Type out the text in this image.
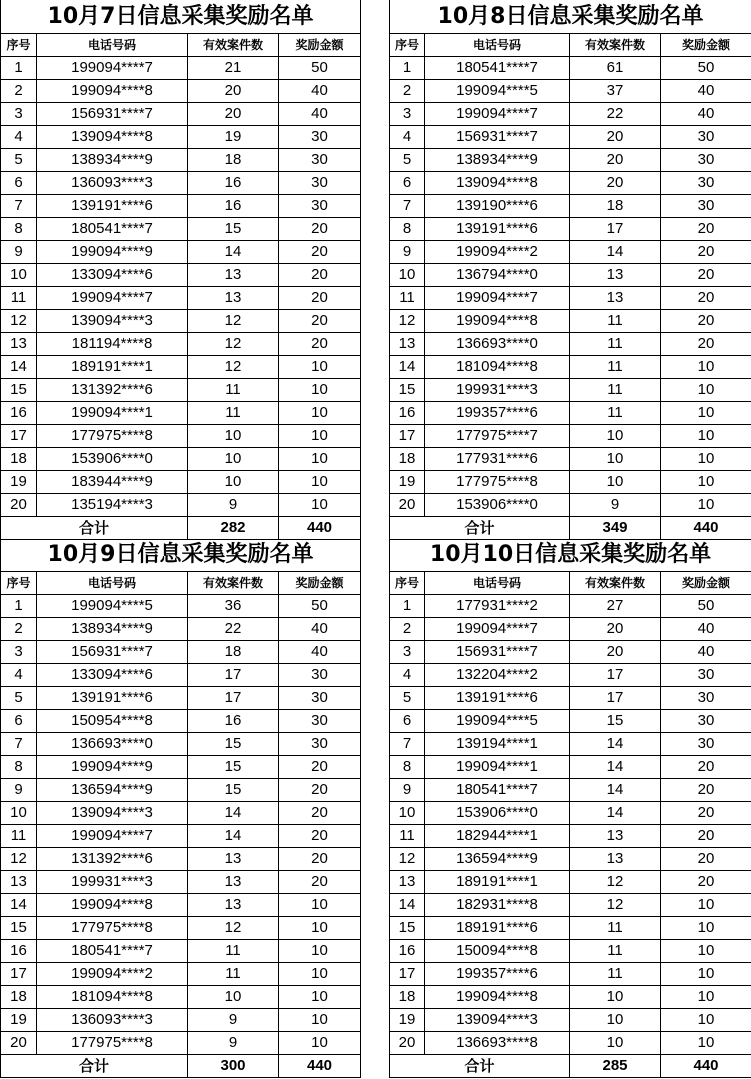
10月7日信息采集奖励名单			
序号	电话号码	有效案件数	奖励金额
1	199094****7	21	50
2	199094****8	20	40
3	156931****7	20	40
4	139094****8	19	30
5	138934****9	18	30
6	136093****3	16	30
7	139191****6	16	30
8	180541****7	15	20
9	199094****9	14	20
10	133094****6	13	20
11	199094****7	13	20
12	139094****3	12	20
13	181194****8	12	20
14	189191****1	12	10
15	131392****6	11	10
16	199094****1	11	10
17	177975****8	10	10
18	153906****0	10	10
19	183944****9	10	10
20	135194****3	9	10
合计		282	440
10月8日信息采集奖励名单			
序号	电话号码	有效案件数	奖励金额
1	180541****7	61	50
2	199094****5	37	40
3	199094****7	22	40
4	156931****7	20	30
5	138934****9	20	30
6	139094****8	20	30
7	139190****6	18	30
8	139191****6	17	20
9	199094****2	14	20
10	136794****0	13	20
11	199094****7	13	20
12	199094****8	11	20
13	136693****0	11	20
14	181094****8	11	10
15	199931****3	11	10
16	199357****6	11	10
17	177975****7	10	10
18	177931****6	10	10
19	177975****8	10	10
20	153906****0	9	10
合计		349	440
10月9日信息采集奖励名单			
序号	电话号码	有效案件数	奖励金额
1	199094****5	36	50
2	138934****9	22	40
3	156931****7	18	40
4	133094****6	17	30
5	139191****6	17	30
6	150954****8	16	30
7	136693****0	15	30
8	199094****9	15	20
9	136594****9	15	20
10	139094****3	14	20
11	199094****7	14	20
12	131392****6	13	20
13	199931****3	13	20
14	199094****8	13	10
15	177975****8	12	10
16	180541****7	11	10
17	199094****2	11	10
18	181094****8	10	10
19	136093****3	9	10
20	177975****8	9	10
合计		300	440
10月10日信息采集奖励名单			
序号	电话号码	有效案件数	奖励金额
1	177931****2	27	50
2	199094****7	20	40
3	156931****7	20	40
4	132204****2	17	30
5	139191****6	17	30
6	199094****5	15	30
7	139194****1	14	30
8	199094****1	14	20
9	180541****7	14	20
10	153906****0	14	20
11	182944****1	13	20
12	136594****9	13	20
13	189191****1	12	20
14	182931****8	12	10
15	189191****6	11	10
16	150094****8	11	10
17	199357****6	11	10
18	199094****8	10	10
19	139094****3	10	10
20	136693****8	10	10
合计		285	440
